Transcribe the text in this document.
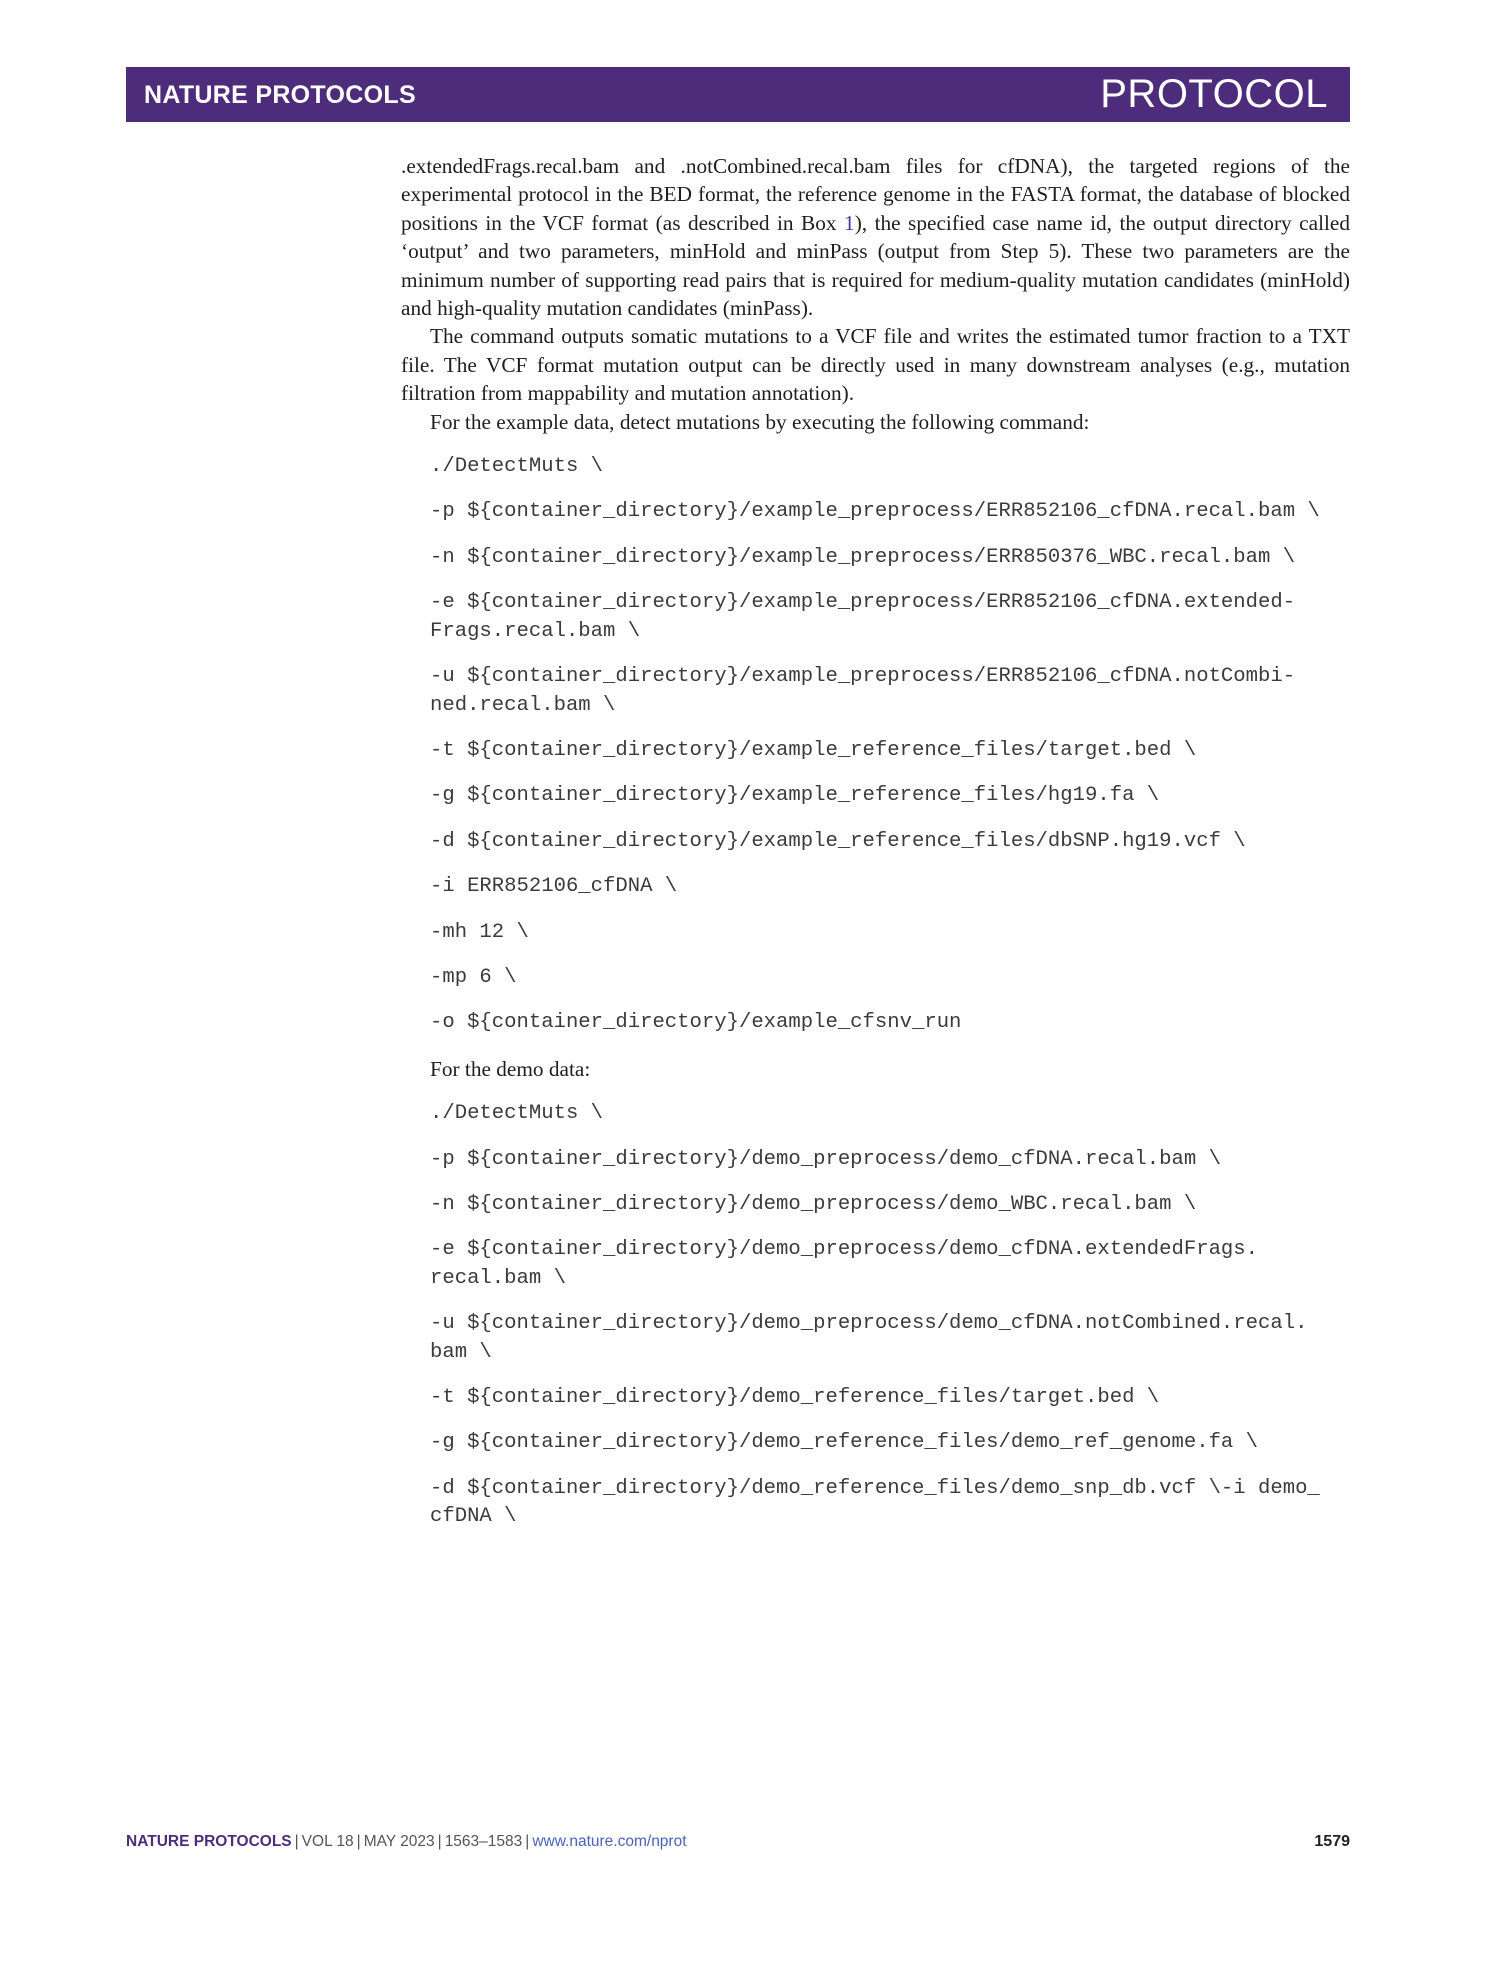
NATURE PROTOCOLS	PROTOCOL

.extendedFrags.recal.bam and .notCombined.recal.bam files for cfDNA), the targeted regions of the experimental protocol in the BED format, the reference genome in the FASTA format, the database of blocked positions in the VCF format (as described in Box 1), the specified case name id, the output directory called ‘output’ and two parameters, minHold and minPass (output from Step 5). These two parameters are the minimum number of supporting read pairs that is required for medium-quality mutation candidates (minHold) and high-quality mutation candidates (minPass).

The command outputs somatic mutations to a VCF file and writes the estimated tumor fraction to a TXT file. The VCF format mutation output can be directly used in many downstream analyses (e.g., mutation filtration from mappability and mutation annotation).

For the example data, detect mutations by executing the following command:

./DetectMuts \
-p ${container_directory}/example_preprocess/ERR852106_cfDNA.recal.bam \
-n ${container_directory}/example_preprocess/ERR850376_WBC.recal.bam \
-e ${container_directory}/example_preprocess/ERR852106_cfDNA.extended-
Frags.recal.bam \
-u ${container_directory}/example_preprocess/ERR852106_cfDNA.notCombi-
ned.recal.bam \
-t ${container_directory}/example_reference_files/target.bed \
-g ${container_directory}/example_reference_files/hg19.fa \
-d ${container_directory}/example_reference_files/dbSNP.hg19.vcf \
-i ERR852106_cfDNA \
-mh 12 \
-mp 6 \
-o ${container_directory}/example_cfsnv_run

For the demo data:

./DetectMuts \
-p ${container_directory}/demo_preprocess/demo_cfDNA.recal.bam \
-n ${container_directory}/demo_preprocess/demo_WBC.recal.bam \
-e ${container_directory}/demo_preprocess/demo_cfDNA.extendedFrags.
recal.bam \
-u ${container_directory}/demo_preprocess/demo_cfDNA.notCombined.recal.
bam \
-t ${container_directory}/demo_reference_files/target.bed \
-g ${container_directory}/demo_reference_files/demo_ref_genome.fa \
-d ${container_directory}/demo_reference_files/demo_snp_db.vcf \-i demo_
cfDNA \
NATURE PROTOCOLS | VOL 18 | MAY 2023 | 1563–1583 | www.nature.com/nprot	1579
